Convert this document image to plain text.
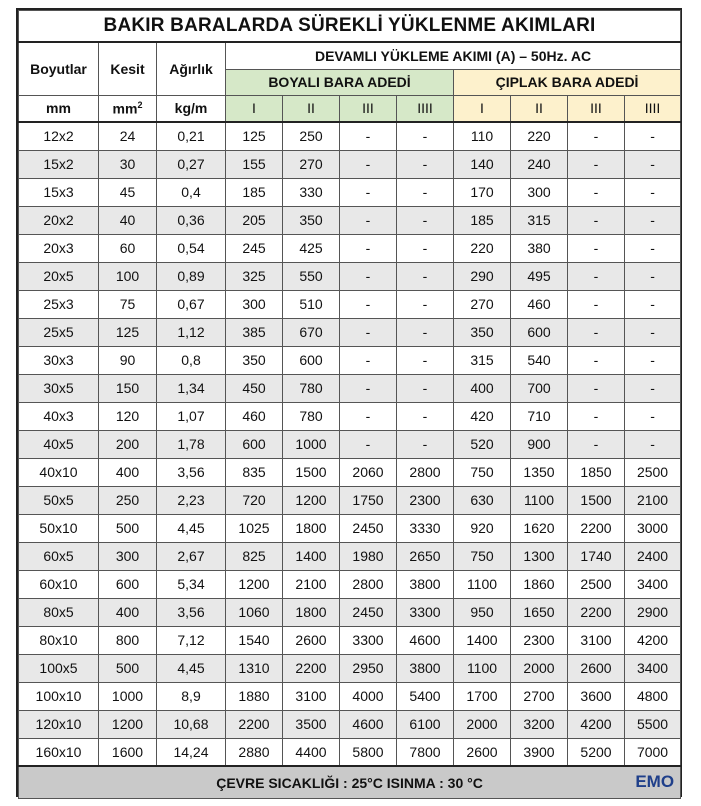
BAKIR BARALARDA SÜREKLİ YÜKLENME AKIMLARI										
Boyutlar	Kesit	Ağırlık	DEVAMLI YÜKLEME AKIMI (A) – 50Hz. AC							
			BOYALI BARA ADEDİ				ÇIPLAK BARA ADEDİ			
mm	$mm^2$	kg/m	I	II	III	IIII	I	II	III	IIII
12x2	24	0,21	125	250	-	-	110	220	-	-
15x2	30	0,27	155	270	-	-	140	240	-	-
15x3	45	0,4	185	330	-	-	170	300	-	-
20x2	40	0,36	205	350	-	-	185	315	-	-
20x3	60	0,54	245	425	-	-	220	380	-	-
20x5	100	0,89	325	550	-	-	290	495	-	-
25x3	75	0,67	300	510	-	-	270	460	-	-
25x5	125	1,12	385	670	-	-	350	600	-	-
30x3	90	0,8	350	600	-	-	315	540	-	-
30x5	150	1,34	450	780	-	-	400	700	-	-
40x3	120	1,07	460	780	-	-	420	710	-	-
40x5	200	1,78	600	1000	-	-	520	900	-	-
40x10	400	3,56	835	1500	2060	2800	750	1350	1850	2500
50x5	250	2,23	720	1200	1750	2300	630	1100	1500	2100
50x10	500	4,45	1025	1800	2450	3330	920	1620	2200	3000
60x5	300	2,67	825	1400	1980	2650	750	1300	1740	2400
60x10	600	5,34	1200	2100	2800	3800	1100	1860	2500	3400
80x5	400	3,56	1060	1800	2450	3300	950	1650	2200	2900
80x10	800	7,12	1540	2600	3300	4600	1400	2300	3100	4200
100x5	500	4,45	1310	2200	2950	3800	1100	2000	2600	3400
100x10	1000	8,9	1880	3100	4000	5400	1700	2700	3600	4800
120x10	1200	10,68	2200	3500	4600	6100	2000	3200	4200	5500
160x10	1600	14,24	2880	4400	5800	7800	2600	3900	5200	7000
ÇEVRE SICAKLIĞI : 25°C ISINMA : 30 °C EMO										
